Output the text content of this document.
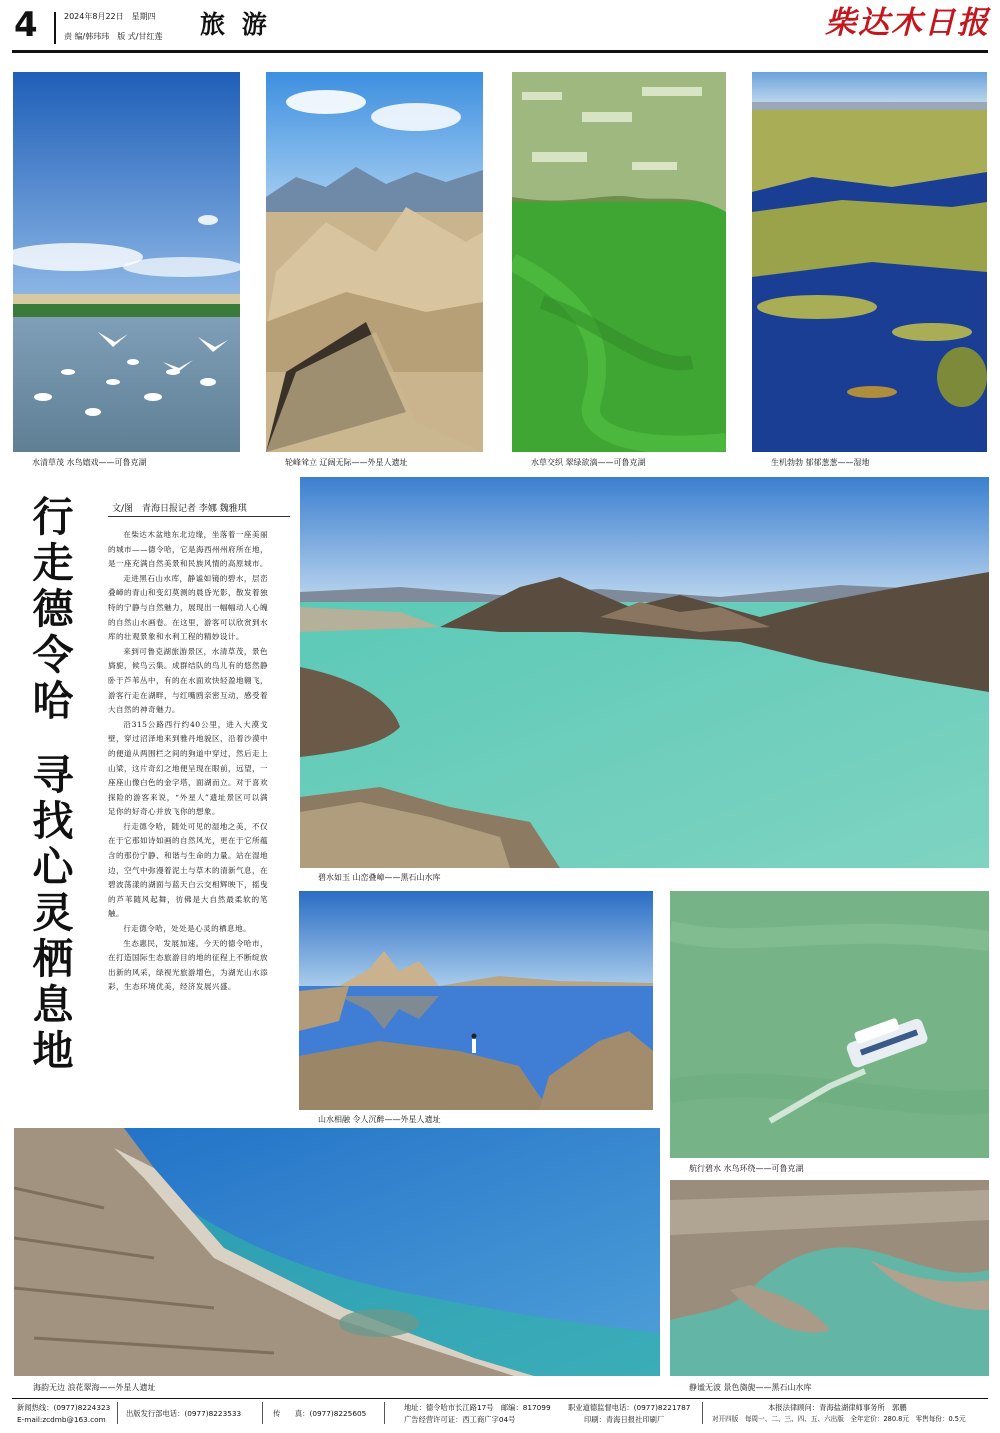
4	2024年8月22日　星期四
责 编/韩玮玮　版 式/甘红莲 旅 游	柴达木日报
水清草茂 水鸟嬉戏——可鲁克湖	轮峰耸立 辽阔无际——外星人遗址	水草交织 翠绿欲滴——可鲁克湖	生机勃勃 郁郁葱葱——湿地
行
走
德
令
哈
寻
找
心
灵
栖
息
地
文/图　青海日报记者 李娜 魏雅琪

在柴达木盆地东北边缘，坐落着一座美丽的城市——德令哈，它是海西州州府所在地，是一座充满自然美景和民族风情的高原城市。

走进黑石山水库，静谧如镜的碧水，层峦叠嶂的青山和变幻莫测的晨昏光影，散发着独特的宁静与自然魅力，展现出一幅幅动人心魄的自然山水画卷。在这里，游客可以欣赏到水库的壮观景象和水利工程的精妙设计。

来到可鲁克湖旅游景区，水清草茂，景色旖旎，候鸟云集。成群结队的鸟儿有的悠然静卧于芦苇丛中，有的在水面欢快轻盈地翱飞，游客行走在湖畔，与红嘴鸥亲密互动，感受着大自然的神奇魅力。

沿315公路西行约40公里，进入大漠戈壁，穿过沼泽地来到雅丹地貌区，沿着沙漠中的便道从两围栏之间的狗道中穿过，然后走上山梁，这片奇幻之地便呈现在眼前，远望，一座座山像白色的金字塔，面湖而立。对于喜欢探险的游客来说，“外星人”遗址景区可以满足你的好奇心并放飞你的想象。

行走德令哈，随处可见的湿地之美，不仅在于它那如诗如画的自然风光，更在于它所蕴含的那份宁静、和谐与生命的力量。站在湿地边，空气中弥漫着泥土与草木的清新气息，在碧波荡漾的湖面与蓝天白云交相辉映下，摇曳的芦苇随风起舞，彷佛是大自然最柔软的笔触。

行走德令哈，处处是心灵的栖息地。

生态惠民，发展加速。今天的德令哈市，在打造国际生态旅游目的地的征程上不断绽放出新的风采，绿视光旅游增色，为湖光山水添彩，生态环境优美，经济发展兴盛。

碧水如玉 山峦叠嶂——黑石山水库
山水相融 令人沉醉——外星人遗址
航行碧水 水鸟环绕——可鲁克湖
海韵无边 浪花翠海——外星人遗址	静谧无波 景色旖旎——黑石山水库
新闻热线：(0977)8224323
E-mail:zcdmb@163.com
出版发行部电话：(0977)8223533	传　　真：(0977)8225605
地址：德令哈市长江路17号　邮编：817099
广告经营许可证：西工商广字04号
职业道德监督电话：(0977)8221787
印刷：青海日报社印刷厂
本报法律顾问：青海盐湖律师事务所　郭鹏
对开四版　每周一、二、三、四、五、六出版　全年定价：280.8元　零售每份：0.5元
